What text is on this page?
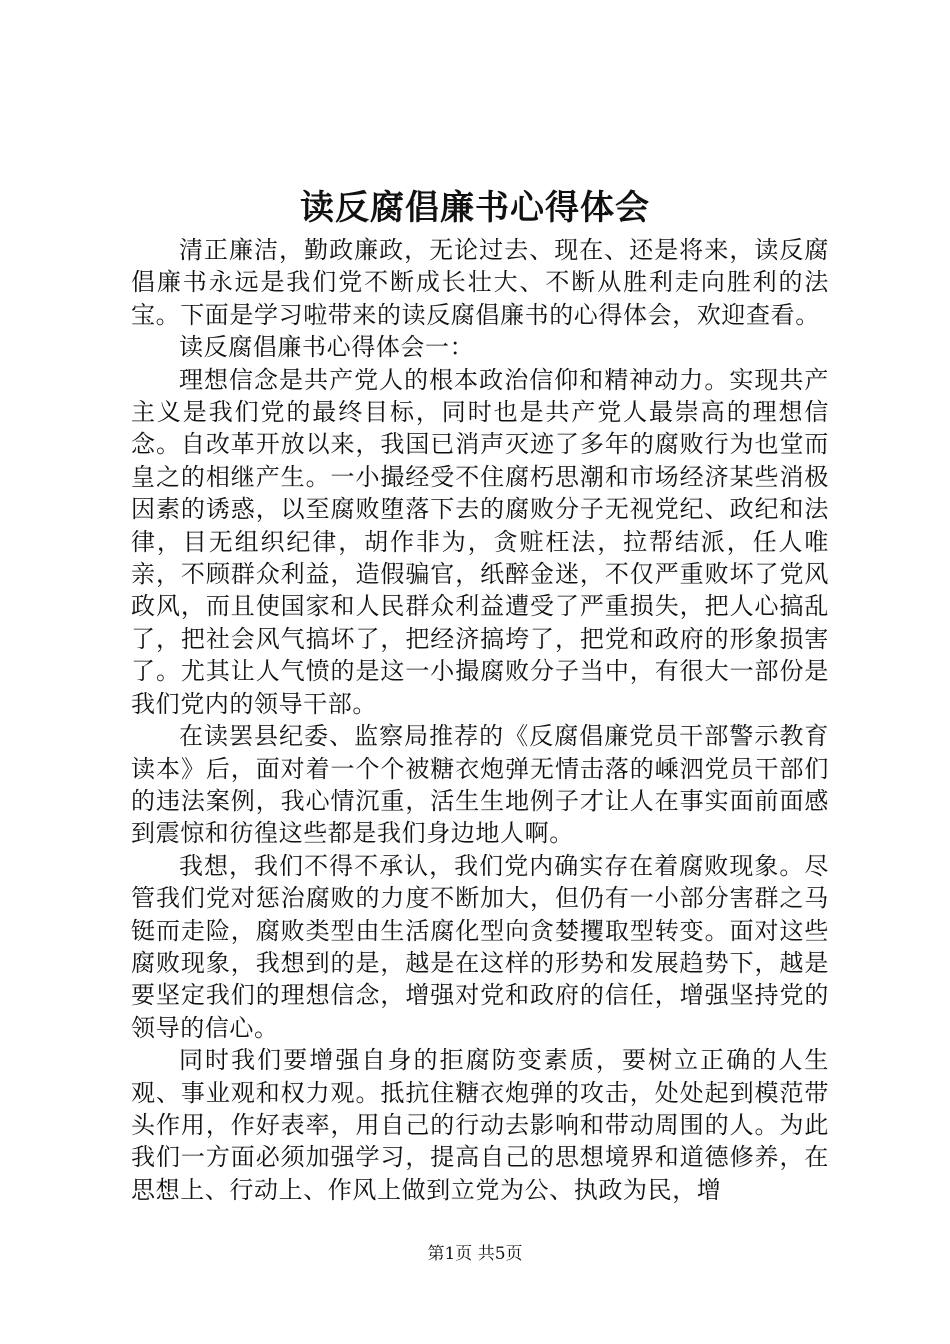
读反腐倡廉书心得体会

清正廉洁，勤政廉政，无论过去、现在、还是将来，读反腐倡廉书永远是我们党不断成长壮大、不断从胜利走向胜利的法宝。下面是学习啦带来的读反腐倡廉书的心得体会，欢迎查看。

读反腐倡廉书心得体会一：

理想信念是共产党人的根本政治信仰和精神动力。实现共产主义是我们党的最终目标，同时也是共产党人最崇高的理想信念。自改革开放以来，我国已消声灭迹了多年的腐败行为也堂而皇之的相继产生。一小撮经受不住腐朽思潮和市场经济某些消极因素的诱惑，以至腐败堕落下去的腐败分子无视党纪、政纪和法律，目无组织纪律，胡作非为，贪赃枉法，拉帮结派，任人唯亲，不顾群众利益，造假骗官，纸醉金迷，不仅严重败坏了党风政风，而且使国家和人民群众利益遭受了严重损失，把人心搞乱了，把社会风气搞坏了，把经济搞垮了，把党和政府的形象损害了。尤其让人气愤的是这一小撮腐败分子当中，有很大一部份是我们党内的领导干部。

在读罢县纪委、监察局推荐的《反腐倡廉党员干部警示教育读本》后，面对着一个个被糖衣炮弹无情击落的嵊泗党员干部们的违法案例，我心情沉重，活生生地例子才让人在事实面前面感到震惊和彷徨这些都是我们身边地人啊。

我想，我们不得不承认，我们党内确实存在着腐败现象。尽管我们党对惩治腐败的力度不断加大，但仍有一小部分害群之马铤而走险，腐败类型由生活腐化型向贪婪攫取型转变。面对这些腐败现象，我想到的是，越是在这样的形势和发展趋势下，越是要坚定我们的理想信念，增强对党和政府的信任，增强坚持党的领导的信心。

同时我们要增强自身的拒腐防变素质，要树立正确的人生观、事业观和权力观。抵抗住糖衣炮弹的攻击，处处起到模范带头作用，作好表率，用自己的行动去影响和带动周围的人。为此我们一方面必须加强学习，提高自己的思想境界和道德修养，在思想上、行动上、作风上做到立党为公、执政为民，增

第1页 共5页
